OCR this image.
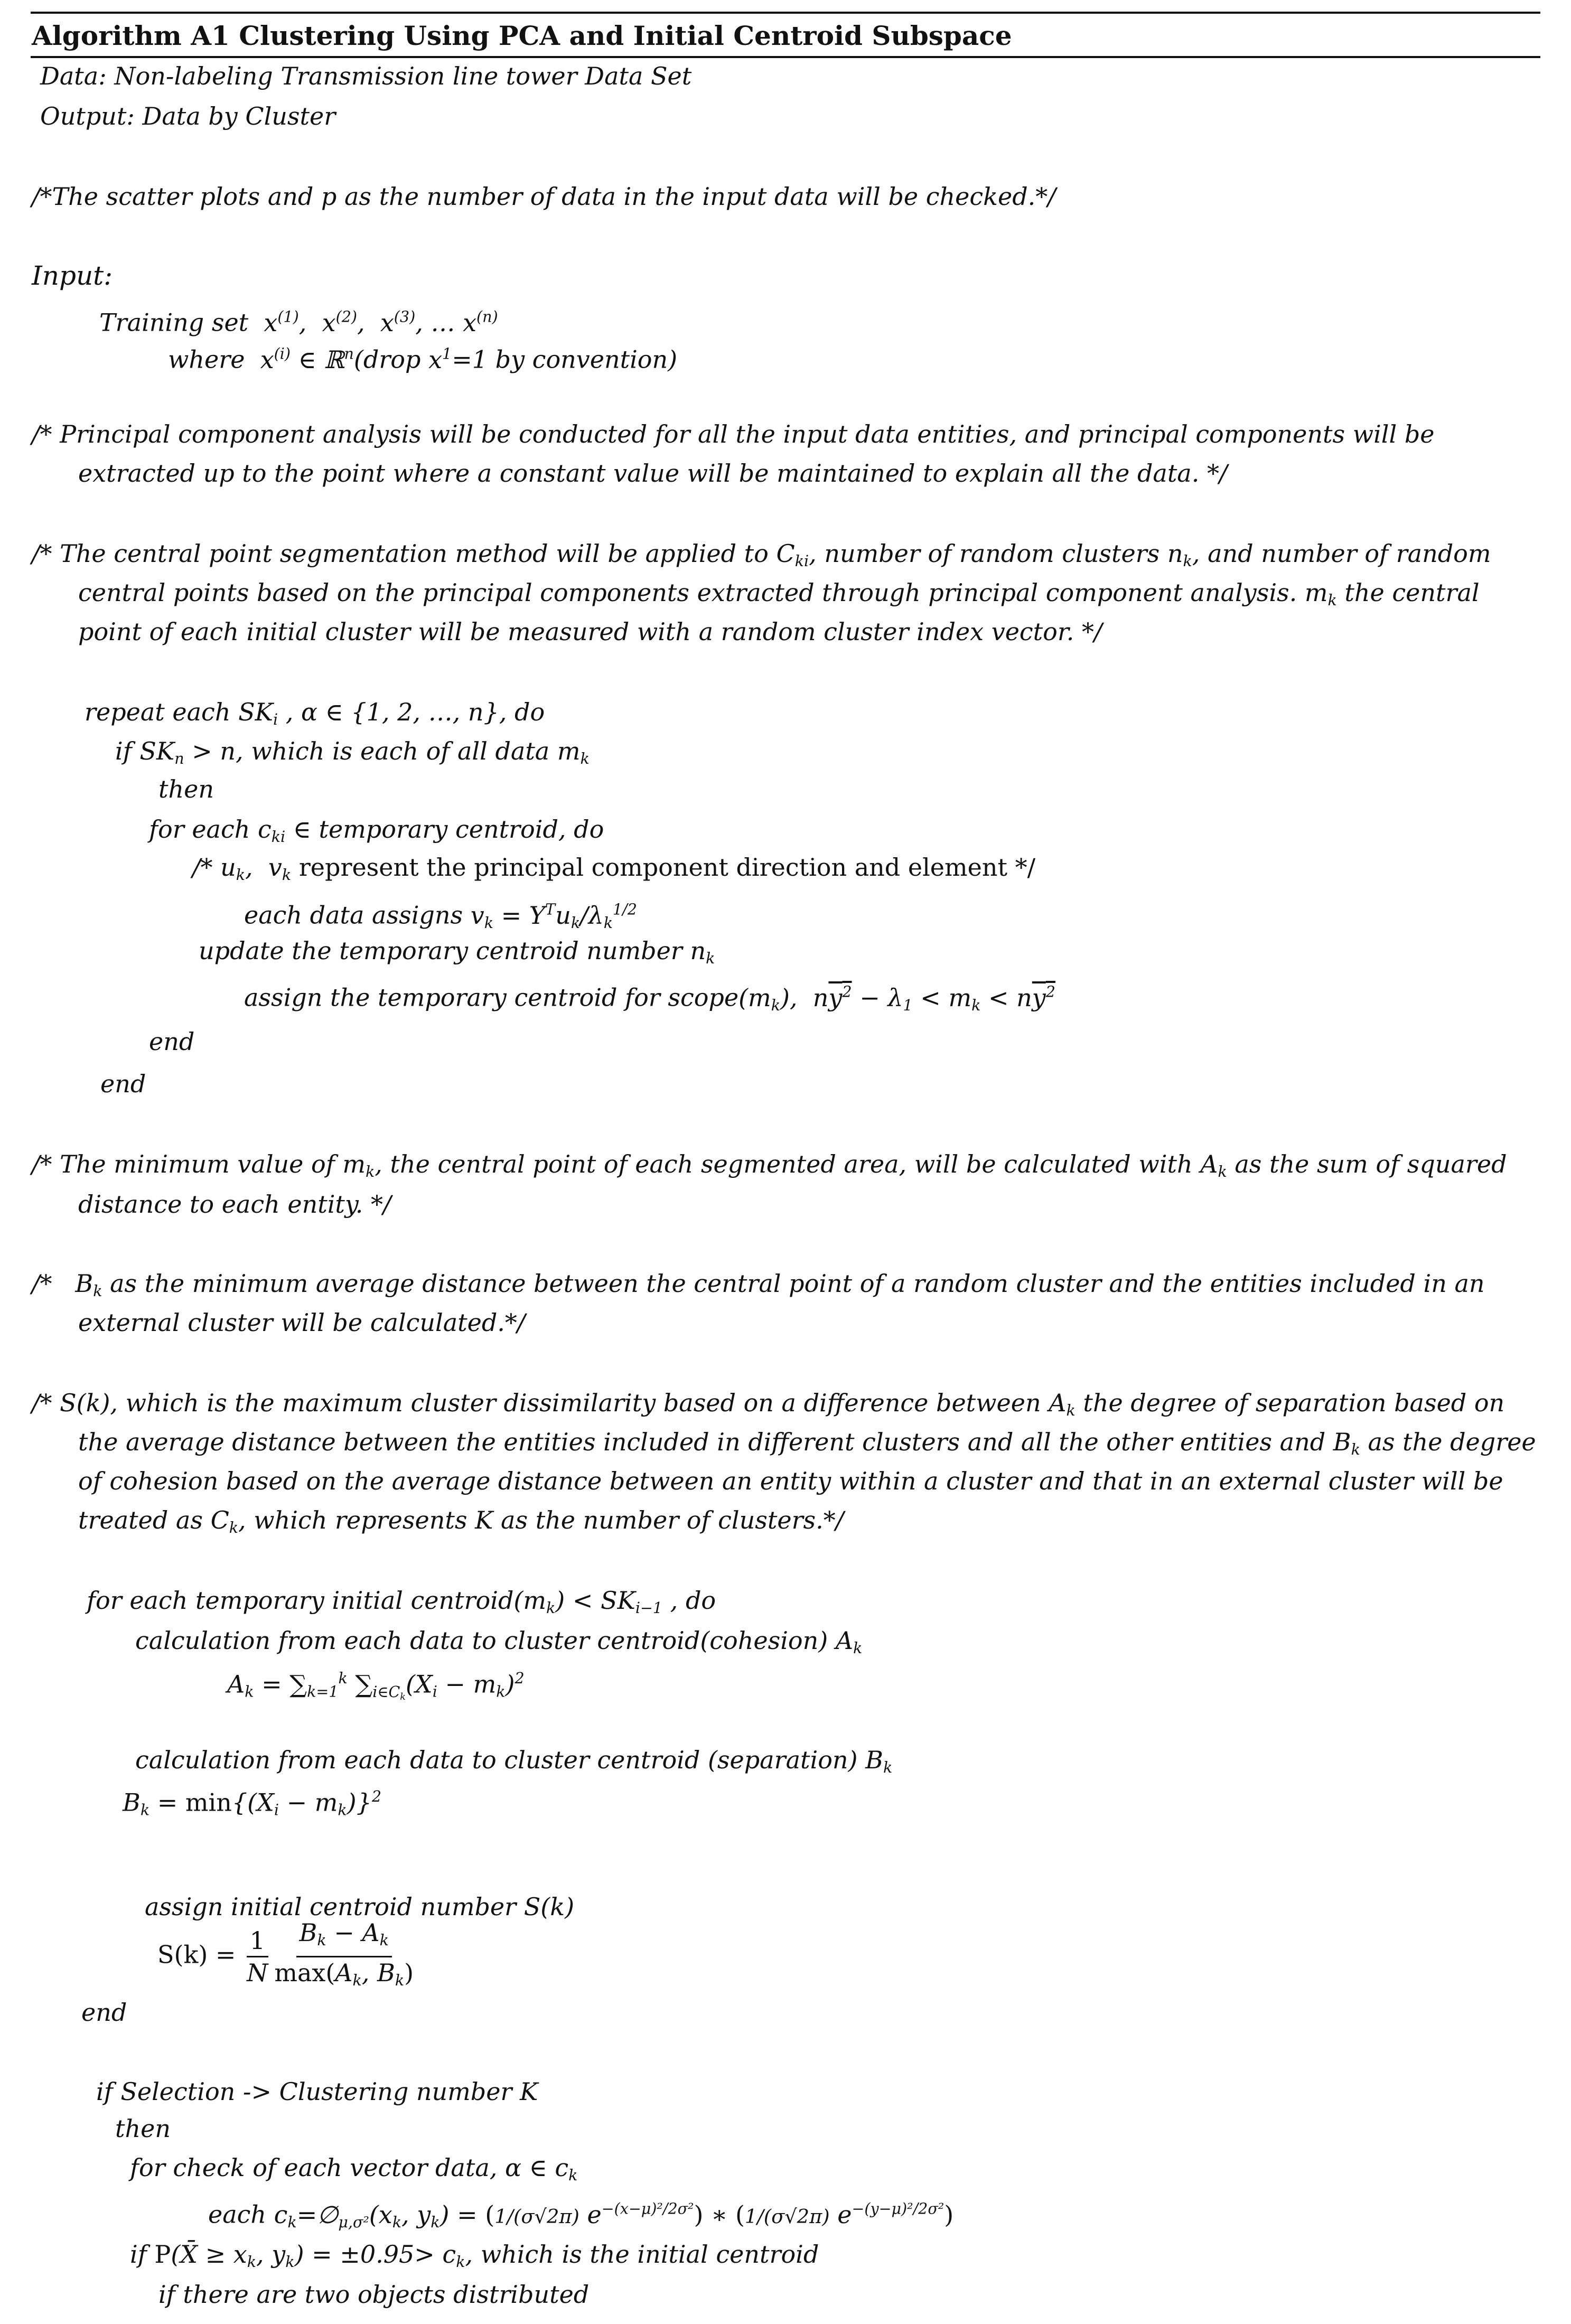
Algorithm A1 Clustering Using PCA and Initial Centroid Subspace
Data: Non-labeling Transmission line tower Data Set
Output: Data by Cluster
/*The scatter plots and p as the number of data in the input data will be checked.*/
Input:
Training set $x^{(1)}$,  $x^{(2)}$,  $x^{(3)}$, … $x^{(n)}$
where $x^{(i)}$ ∈ ℝ$^n$(drop $x^1=1$ by convention)
/* Principal component analysis will be conducted for all the input data entities, and principal components will be
extracted up to the point where a constant value will be maintained to explain all the data. */
/* The central point segmentation method will be applied to Cki, number of random clusters nk, and number of random
central points based on the principal components extracted through principal component analysis. mk the central
point of each initial cluster will be measured with a random cluster index vector. */
repeat each SKi , α ∈ {1, 2, …, n}, do
if SKn > n, which is each of all data mk
then
for each cki ∈ temporary centroid, do
/* uk,  vk represent the principal component direction and element */
each data assigns vk = $Y^Tuk/\lambda k^{1/2}$
update the temporary centroid number nk
assign the temporary centroid for scope(mk),  $ny^2 - \lambda 1$ < mk < $ny^2$
end
end
/* The minimum value of mk, the central point of each segmented area, will be calculated with Ak as the sum of squared
distance to each entity. */
/* Bk as the minimum average distance between the central point of a random cluster and the entities included in an
external cluster will be calculated.*/
/* S(k), which is the maximum cluster dissimilarity based on a difference between Ak the degree of separation based on
the average distance between the entities included in different clusters and all the other entities and Bk as the degree
of cohesion based on the average distance between an entity within a cluster and that in an external cluster will be
treated as Ck, which represents K as the number of clusters.*/
for each temporary initial centroid(mk) < SKi−1 , do
calculation from each data to cluster centroid(cohesion) Ak
$Ak = \sum k=1^k$ ∑i∈Ck(Xi − mk)$^2$
calculation from each data to cluster centroid (separation) Bk
$Bk = \min\{(Xi - mk)\}^2$
assign initial centroid number S(k)
$S(k) = \frac{1}{N} \frac{Bk - Ak}{\max(Ak, Bk)}$
end
if Selection -> Clustering number K
then
for check of each vector data, α ∈ ck
each ck=∅μ,σ²(xk, yk) = (1/(σ√2π) $e^{-(x-\mu)^2/2\sigma^2}$) ∗ (1/(σ√2π) $e^{-(y-\mu)^2/2\sigma^2}$)
if P(X̄ ≥ xk, yk) = ±0.95> ck, which is the initial centroid
if there are two objects distributed
